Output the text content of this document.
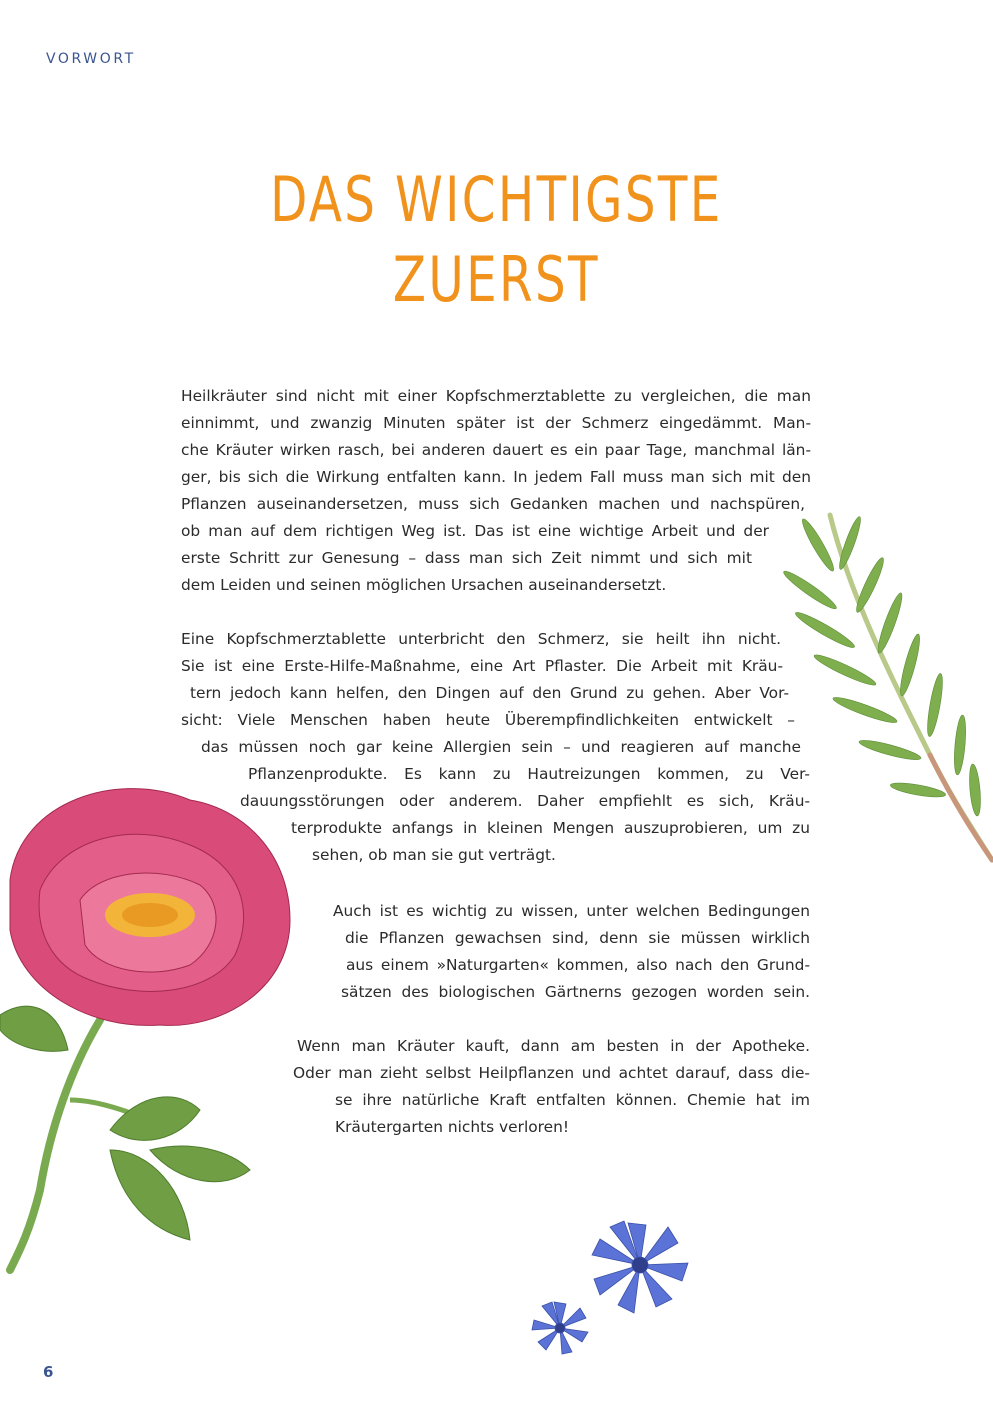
VORWORT
DAS WICHTIGSTE
ZUERST
Heilkräuter sind nicht mit einer Kopfschmerztablette zu vergleichen, die man
einnimmt, und zwanzig Minuten später ist der Schmerz eingedämmt. Man-
che Kräuter wirken rasch, bei anderen dauert es ein paar Tage, manchmal län-
ger, bis sich die Wirkung entfalten kann. In jedem Fall muss man sich mit den
Pflanzen auseinandersetzen, muss sich Gedanken machen und nachspüren,
ob man auf dem richtigen Weg ist. Das ist eine wichtige Arbeit und der
erste Schritt zur Genesung – dass man sich Zeit nimmt und sich mit
dem Leiden und seinen möglichen Ursachen auseinandersetzt.
Eine Kopfschmerztablette unterbricht den Schmerz, sie heilt ihn nicht.
Sie ist eine Erste-Hilfe-Maßnahme, eine Art Pflaster. Die Arbeit mit Kräu-
tern jedoch kann helfen, den Dingen auf den Grund zu gehen. Aber Vor-
sicht: Viele Menschen haben heute Überempfindlichkeiten entwickelt –
das müssen noch gar keine Allergien sein – und reagieren auf manche
Pflanzenprodukte. Es kann zu Hautreizungen kommen, zu Ver-
dauungsstörungen oder anderem. Daher empfiehlt es sich, Kräu-
terprodukte anfangs in kleinen Mengen auszuprobieren, um zu
sehen, ob man sie gut verträgt.
Auch ist es wichtig zu wissen, unter welchen Bedingungen
die Pflanzen gewachsen sind, denn sie müssen wirklich
aus einem »Naturgarten« kommen, also nach den Grund-
sätzen des biologischen Gärtnerns gezogen worden sein.
Wenn man Kräuter kauft, dann am besten in der Apotheke.
Oder man zieht selbst Heilpflanzen und achtet darauf, dass die-
se ihre natürliche Kraft entfalten können. Chemie hat im
Kräutergarten nichts verloren!
6
